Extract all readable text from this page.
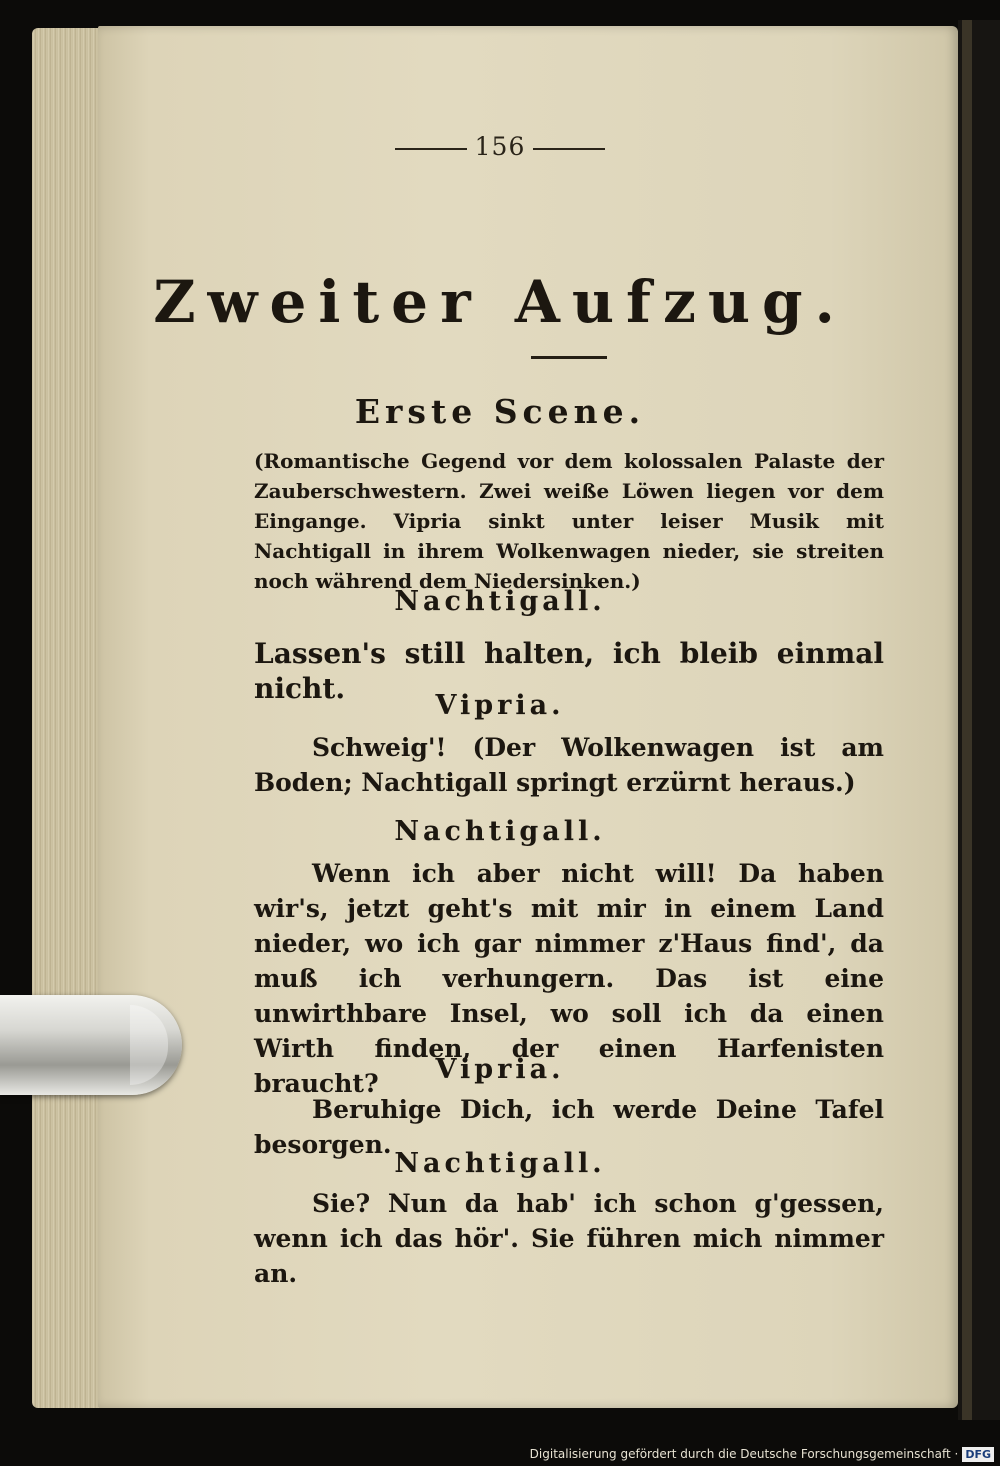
156
Zweiter Aufzug.
Erste Scene.
(Romantische Gegend vor dem kolossalen Palaste der Zauberschwestern. Zwei weiße Löwen liegen vor dem Eingange. Vipria sinkt unter leiser Musik mit Nachtigall in ihrem Wolkenwagen nieder, sie streiten noch während dem Niedersinken.)
Nachtigall.
Lassen's still halten, ich bleib einmal nicht.
Vipria.
Schweig'! (Der Wolkenwagen ist am Boden; Nachtigall springt erzürnt heraus.)
Nachtigall.
Wenn ich aber nicht will! Da haben wir's, jetzt geht's mit mir in einem Land nieder, wo ich gar nimmer z'Haus find', da muß ich verhungern. Das ist eine unwirthbare Insel, wo soll ich da einen Wirth finden, der einen Harfenisten braucht?	Vipria.
Beruhige Dich, ich werde Deine Tafel besorgen.
Nachtigall.
Sie? Nun da hab' ich schon g'gessen, wenn ich das hör'. Sie führen mich nimmer an.
Digitalisierung gefördert durch die Deutsche Forschungsgemeinschaft · DFG
